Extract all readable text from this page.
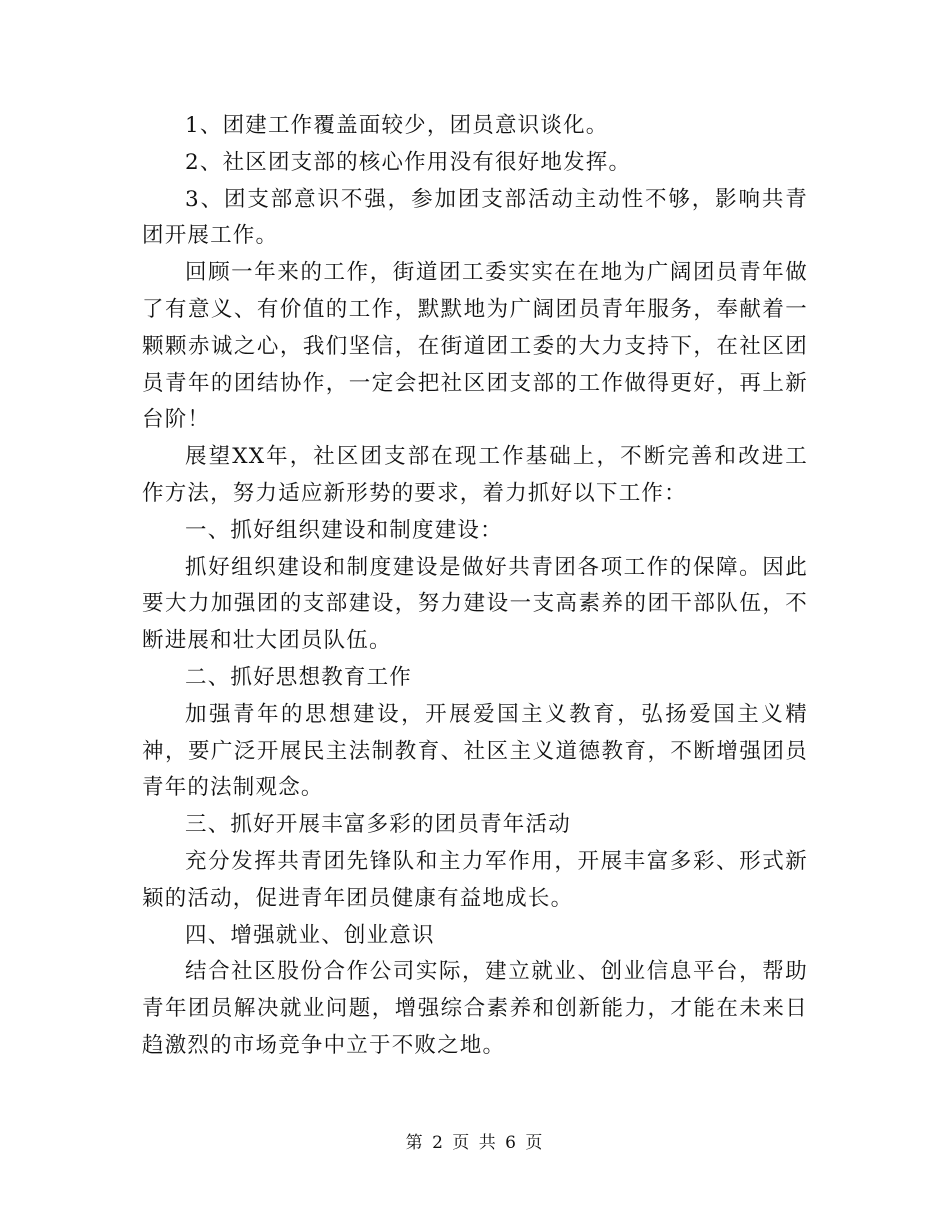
1、团建工作覆盖面较少，团员意识谈化。

2、社区团支部的核心作用没有很好地发挥。

3、团支部意识不强，参加团支部活动主动性不够，影响共青团开展工作。

回顾一年来的工作，街道团工委实实在在地为广阔团员青年做了有意义、有价值的工作，默默地为广阔团员青年服务，奉献着一颗颗赤诚之心，我们坚信，在街道团工委的大力支持下，在社区团员青年的团结协作，一定会把社区团支部的工作做得更好，再上新台阶！

展望XX年，社区团支部在现工作基础上，不断完善和改进工作方法，努力适应新形势的要求，着力抓好以下工作：

一、抓好组织建设和制度建设：

抓好组织建设和制度建设是做好共青团各项工作的保障。因此要大力加强团的支部建设，努力建设一支高素养的团干部队伍，不断进展和壮大团员队伍。

二、抓好思想教育工作

加强青年的思想建设，开展爱国主义教育，弘扬爱国主义精神，要广泛开展民主法制教育、社区主义道德教育，不断增强团员青年的法制观念。

三、抓好开展丰富多彩的团员青年活动

充分发挥共青团先锋队和主力军作用，开展丰富多彩、形式新颖的活动，促进青年团员健康有益地成长。

四、增强就业、创业意识

结合社区股份合作公司实际，建立就业、创业信息平台，帮助青年团员解决就业问题，增强综合素养和创新能力，才能在未来日趋激烈的市场竞争中立于不败之地。

第 2 页 共 6 页
